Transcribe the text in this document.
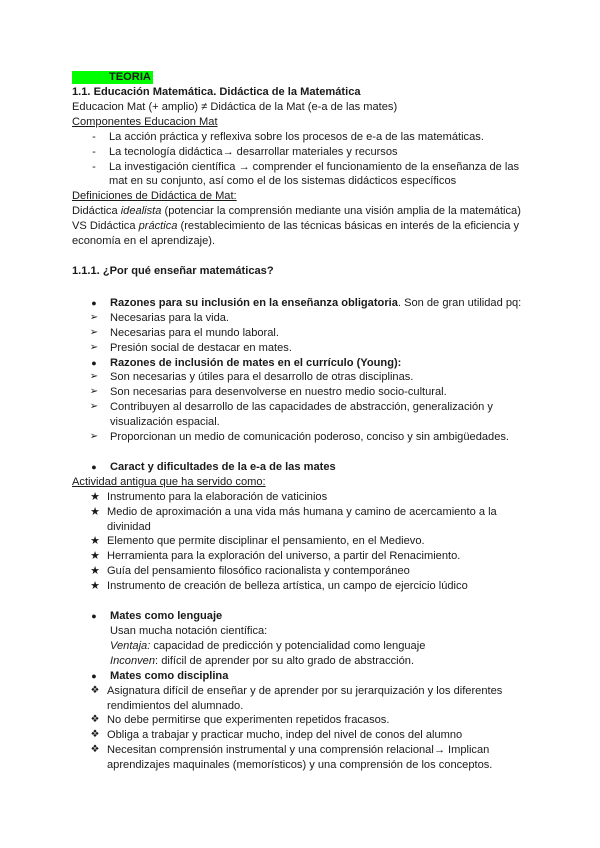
TEORIA
1.1. Educación Matemática. Didáctica de la Matemática
Educacion Mat (+ amplio) ≠ Didáctica de la Mat (e-a de las mates)
Componentes Educacion Mat
-	La acción práctica y reflexiva sobre los procesos de e-a de las matemáticas.
-	La tecnología didáctica→ desarrollar materiales y recursos
-	La investigación científica → comprender el funcionamiento de la enseñanza de las
mat en su conjunto, así como el de los sistemas didácticos específicos
Definiciones de Didáctica de Mat:
Didáctica idealista (potenciar la comprensión mediante una visión amplia de la matemática)
VS Didáctica práctica (restablecimiento de las técnicas básicas en interés de la eficiencia y
economía en el aprendizaje).
1.1.1. ¿Por qué enseñar matemáticas?
● Razones para su inclusión en la enseñanza obligatoria. Son de gran utilidad pq:
➢ Necesarias para la vida.
➢ Necesarias para el mundo laboral.
➢ Presión social de destacar en mates.
● Razones de inclusión de mates en el currículo (Young):
➢ Son necesarias y útiles para el desarrollo de otras disciplinas.
➢ Son necesarias para desenvolverse en nuestro medio socio-cultural.
➢ Contribuyen al desarrollo de las capacidades de abstracción, generalización y
visualización espacial.
➢ Proporcionan un medio de comunicación poderoso, conciso y sin ambigüedades.
● Caract y dificultades de la e-a de las mates
Actividad antigua que ha servido como:
★ Instrumento para la elaboración de vaticinios
★ Medio de aproximación a una vida más humana y camino de acercamiento a la
divinidad
★ Elemento que permite disciplinar el pensamiento, en el Medievo.
★ Herramienta para la exploración del universo, a partir del Renacimiento.
★ Guía del pensamiento filosófico racionalista y contemporáneo
★ Instrumento de creación de belleza artística, un campo de ejercicio lúdico
● Mates como lenguaje
Usan mucha notación científica:
Ventaja: capacidad de predicción y potencialidad como lenguaje
Inconven: difícil de aprender por su alto grado de abstracción.
● Mates como disciplina
❖ Asignatura difícil de enseñar y de aprender por su jerarquización y los diferentes
rendimientos del alumnado.
❖ No debe permitirse que experimenten repetidos fracasos.
❖ Obliga a trabajar y practicar mucho, indep del nivel de conos del alumno
❖ Necesitan comprensión instrumental y una comprensión relacional→ Implican
aprendizajes maquinales (memorísticos) y una comprensión de los conceptos.
